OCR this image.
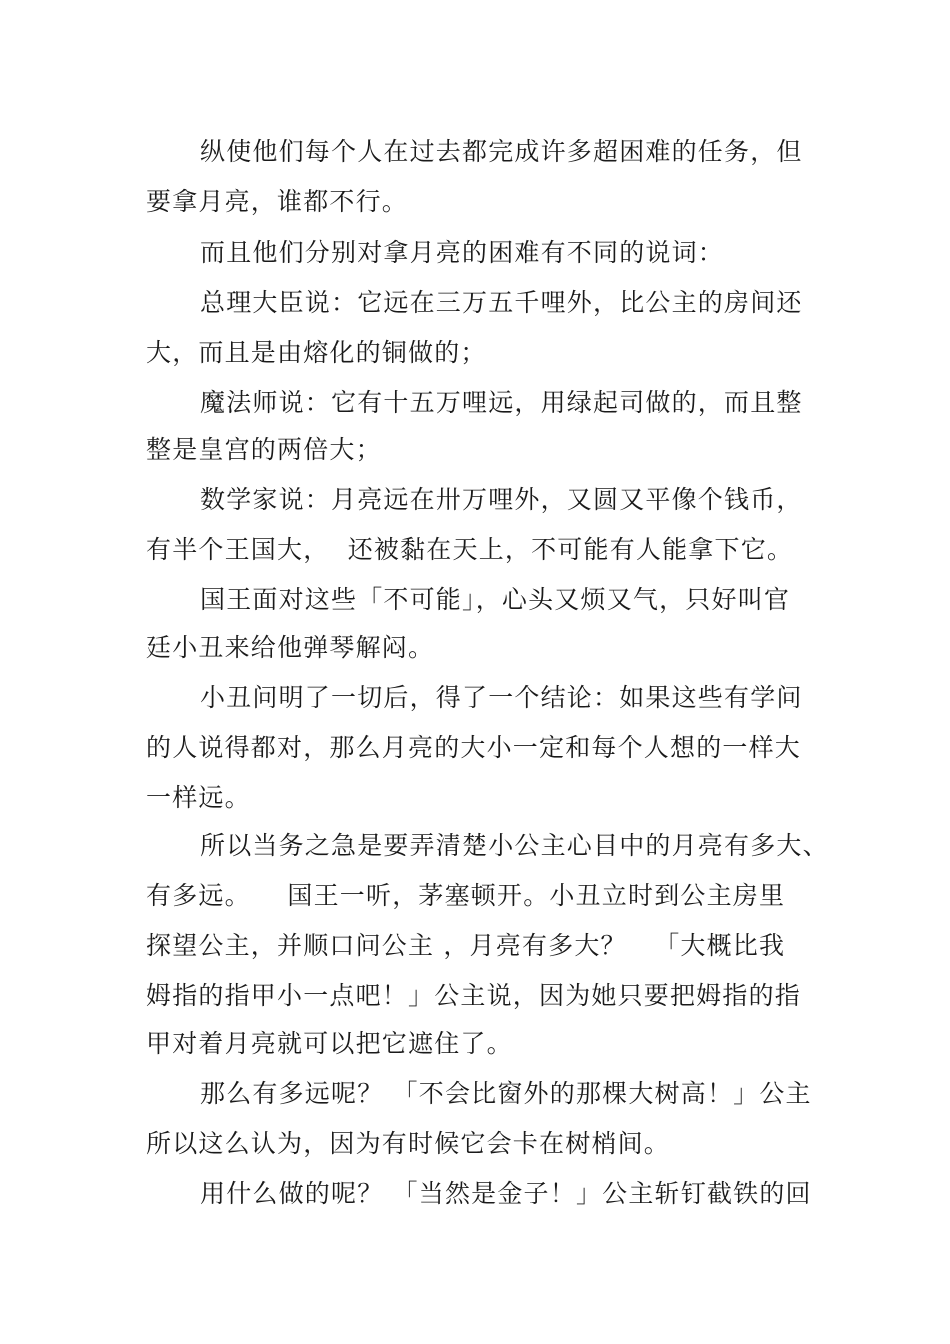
纵使他们每个人在过去都完成许多超困难的任务，但
要拿月亮，谁都不行。
而且他们分别对拿月亮的困难有不同的说词：
总理大臣说：它远在三万五千哩外，比公主的房间还
大，而且是由熔化的铜做的；
魔法师说：它有十五万哩远，用绿起司做的，而且整
整是皇宫的两倍大；
数学家说：月亮远在卅万哩外，又圆又平像个钱币，
有半个王国大，  还被黏在天上，不可能有人能拿下它。
国王面对这些「不可能」，心头又烦又气，只好叫官
廷小丑来给他弹琴解闷。
小丑问明了一切后，得了一个结论：如果这些有学问
的人说得都对，那么月亮的大小一定和每个人想的一样大
一样远。
所以当务之急是要弄清楚小公主心目中的月亮有多大、
有多远。    国王一听，茅塞顿开。小丑立时到公主房里
探望公主，并顺口问公主 ，月亮有多大？   「大概比我
姆指的指甲小一点吧！」公主说，因为她只要把姆指的指
甲对着月亮就可以把它遮住了。
那么有多远呢？ 「不会比窗外的那棵大树高！」公主
所以这么认为，因为有时候它会卡在树梢间。
用什么做的呢？ 「当然是金子！」公主斩钉截铁的回
